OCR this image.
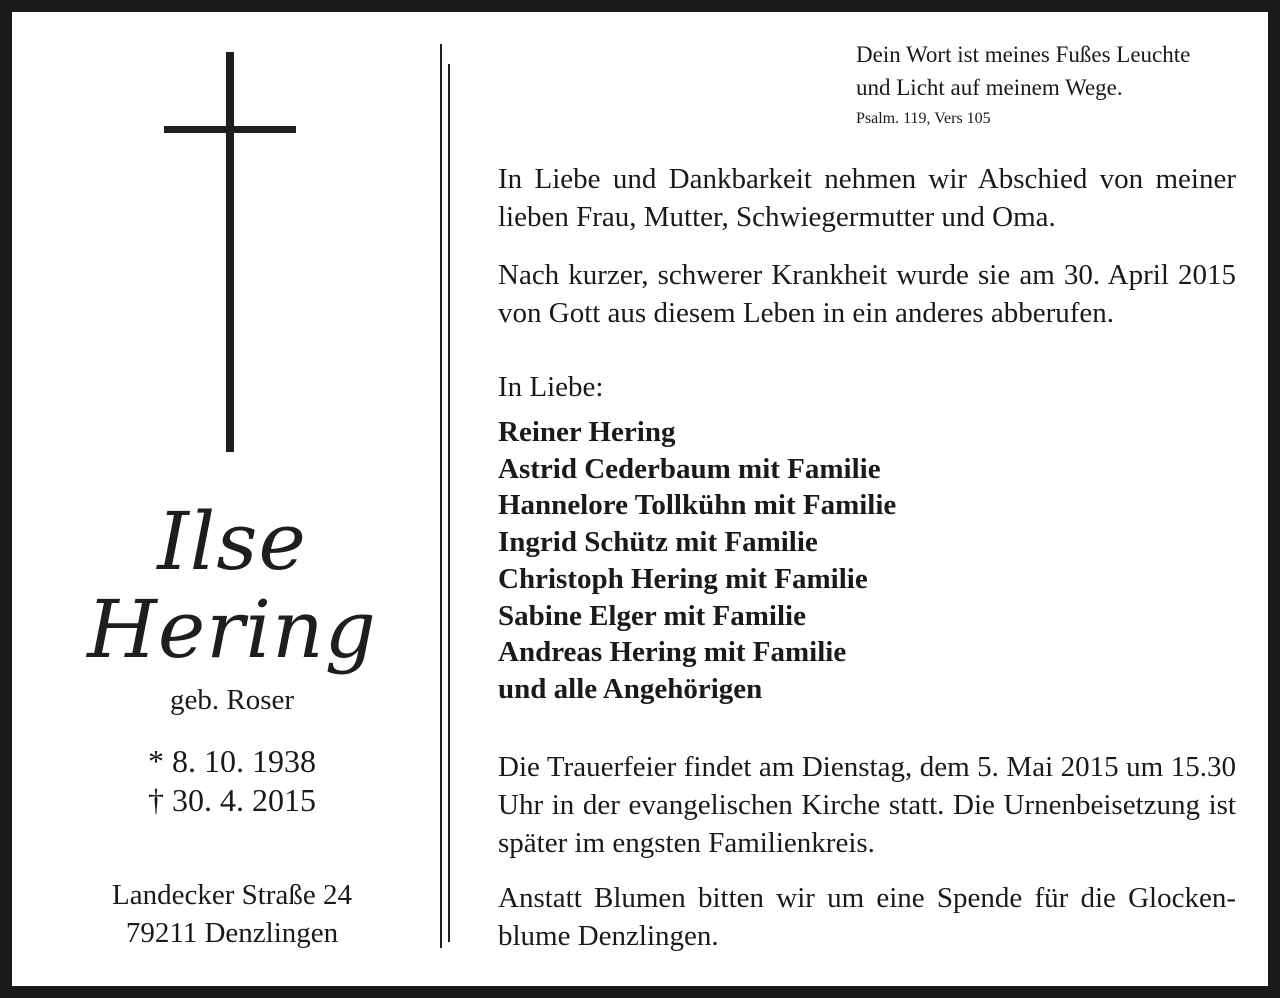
Ilse
Hering
geb. Roser
* 8. 10. 1938
† 30. 4. 2015
Landecker Straße 24
79211 Denzlingen
Dein Wort ist meines Fußes Leuchte
und Licht auf meinem Wege.
Psalm. 119, Vers 105
In Liebe und Dankbarkeit nehmen wir Abschied von meiner lieben Frau, Mutter, Schwiegermutter und Oma.
Nach kurzer, schwerer Krankheit wurde sie am 30. April 2015 von Gott aus diesem Leben in ein anderes abberufen.
In Liebe:
Reiner Hering
Astrid Cederbaum mit Familie
Hannelore Tollkühn mit Familie
Ingrid Schütz mit Familie
Christoph Hering mit Familie
Sabine Elger mit Familie
Andreas Hering mit Familie
und alle Angehörigen
Die Trauerfeier findet am Dienstag, dem 5. Mai 2015 um 15.30 Uhr in der evangelischen Kirche statt. Die Urnenbeisetzung ist später im engsten Familienkreis.
Anstatt Blumen bitten wir um eine Spende für die Glockenblume Denzlingen.
